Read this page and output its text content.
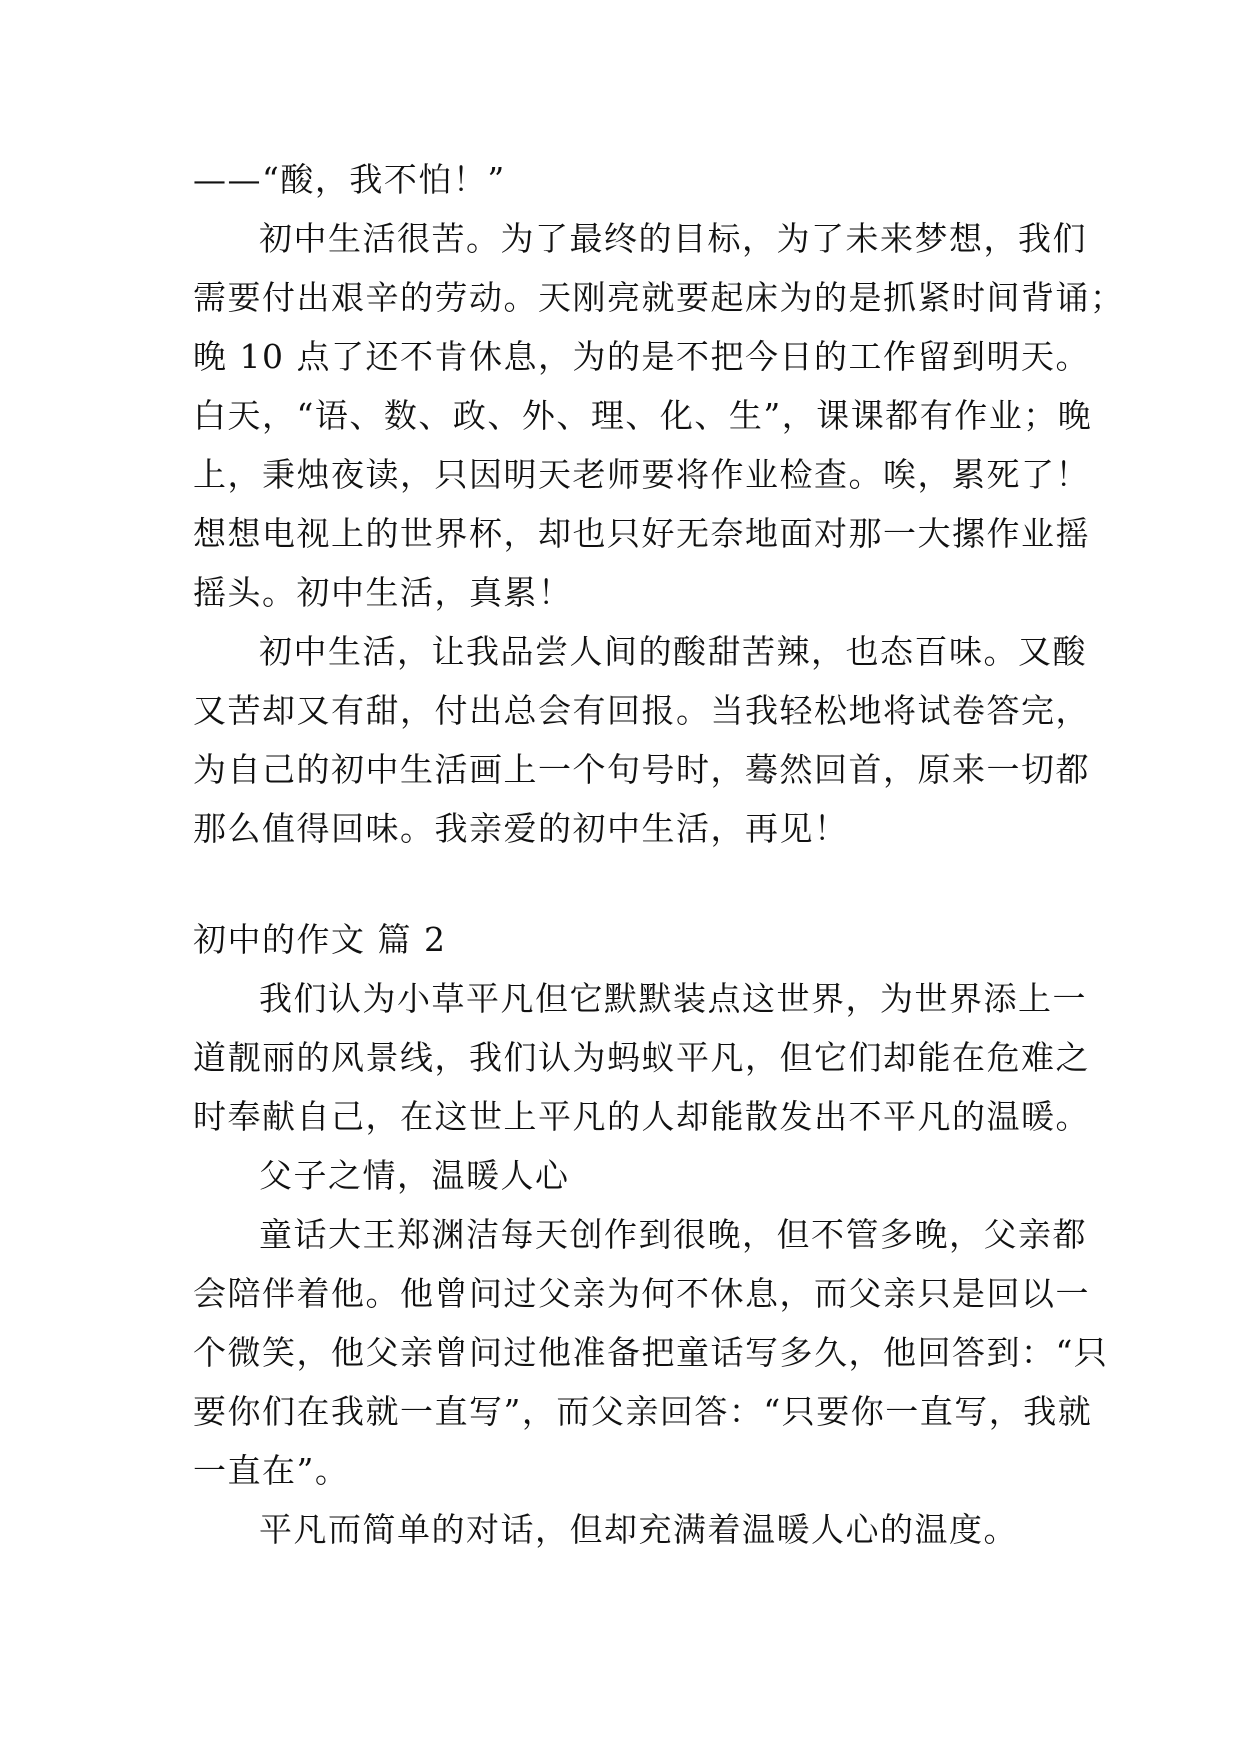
——“酸，我不怕！”
初中生活很苦。为了最终的目标，为了未来梦想，我们
需要付出艰辛的劳动。天刚亮就要起床为的是抓紧时间背诵；
晚 10 点了还不肯休息，为的是不把今日的工作留到明天。
白天，“语、数、政、外、理、化、生”，课课都有作业；晚
上，秉烛夜读，只因明天老师要将作业检查。唉，累死了！
想想电视上的世界杯，却也只好无奈地面对那一大摞作业摇
摇头。初中生活，真累！
初中生活，让我品尝人间的酸甜苦辣，也态百味。又酸
又苦却又有甜，付出总会有回报。当我轻松地将试卷答完，
为自己的初中生活画上一个句号时，蓦然回首，原来一切都
那么值得回味。我亲爱的初中生活，再见！
初中的作文 篇 2
我们认为小草平凡但它默默装点这世界，为世界添上一
道靓丽的风景线，我们认为蚂蚁平凡，但它们却能在危难之
时奉献自己，在这世上平凡的人却能散发出不平凡的温暖。
父子之情，温暖人心
童话大王郑渊洁每天创作到很晚，但不管多晚，父亲都
会陪伴着他。他曾问过父亲为何不休息，而父亲只是回以一
个微笑，他父亲曾问过他准备把童话写多久，他回答到：“只
要你们在我就一直写”，而父亲回答：“只要你一直写，我就
一直在”。
平凡而简单的对话，但却充满着温暖人心的温度。
